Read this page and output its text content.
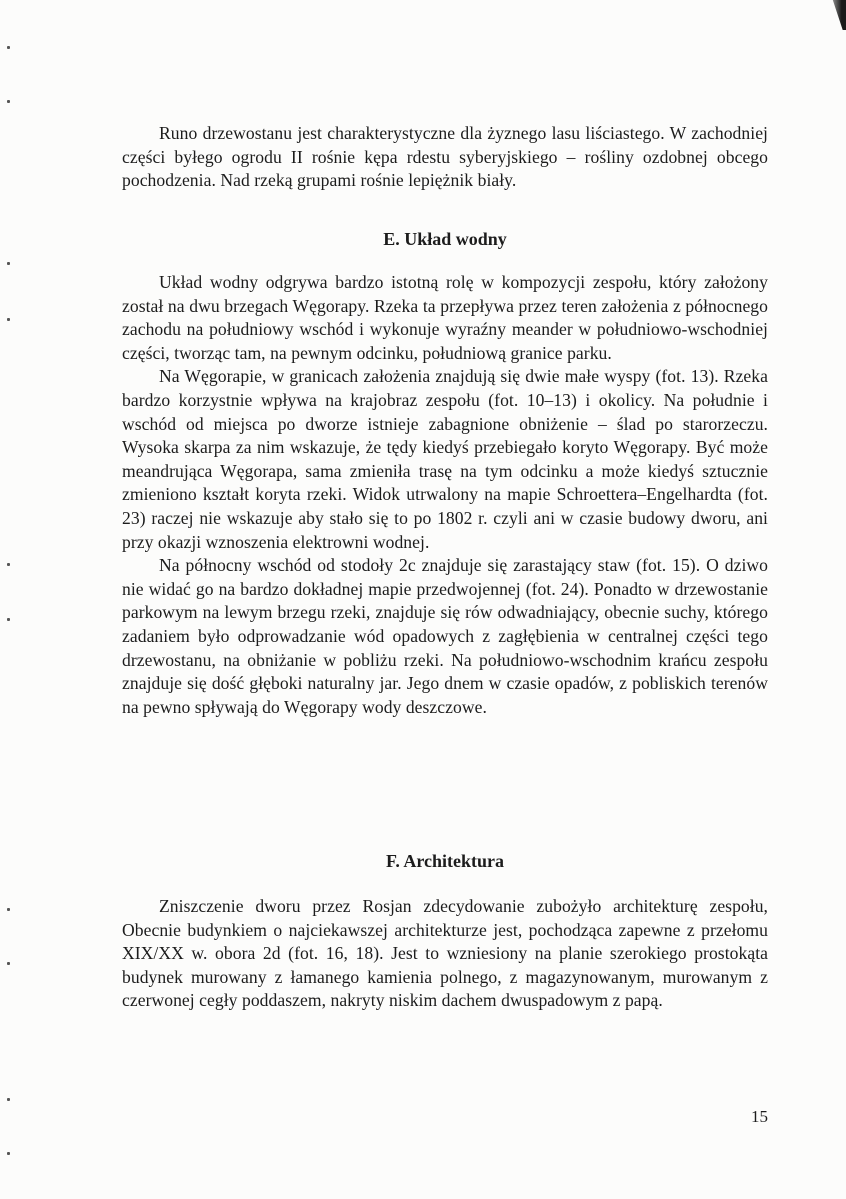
Runo drzewostanu jest charakterystyczne dla żyznego lasu liściastego. W zachodniej części byłego ogrodu II rośnie kępa rdestu syberyjskiego – rośliny ozdobnej obcego pochodzenia. Nad rzeką grupami rośnie lepiężnik biały.

E. Układ wodny

Układ wodny odgrywa bardzo istotną rolę w kompozycji zespołu, który założony został na dwu brzegach Węgorapy. Rzeka ta przepływa przez teren założenia z północnego zachodu na południowy wschód i wykonuje wyraźny meander w południowo-wschodniej części, tworząc tam, na pewnym odcinku, południową granice parku.

Na Węgorapie, w granicach założenia znajdują się dwie małe wyspy (fot. 13). Rzeka bardzo korzystnie wpływa na krajobraz zespołu (fot. 10–13) i okolicy. Na południe i wschód od miejsca po dworze istnieje zabagnione obniżenie – ślad po starorzeczu. Wysoka skarpa za nim wskazuje, że tędy kiedyś przebiegało koryto Węgorapy. Być może meandrująca Węgorapa, sama zmieniła trasę na tym odcinku a może kiedyś sztucznie zmieniono kształt koryta rzeki. Widok utrwalony na mapie Schroettera–Engelhardta (fot. 23) raczej nie wskazuje aby stało się to po 1802 r. czyli ani w czasie budowy dworu, ani przy okazji wznoszenia elektrowni wodnej.

Na północny wschód od stodoły 2c znajduje się zarastający staw (fot. 15). O dziwo nie widać go na bardzo dokładnej mapie przedwojennej (fot. 24). Ponadto w drzewostanie parkowym na lewym brzegu rzeki, znajduje się rów odwadniający, obecnie suchy, którego zadaniem było odprowadzanie wód opadowych z zagłębienia w centralnej części tego drzewostanu, na obniżanie w pobliżu rzeki. Na południowo-wschodnim krańcu zespołu znajduje się dość głęboki naturalny jar. Jego dnem w czasie opadów, z pobliskich terenów na pewno spływają do Węgorapy wody deszczowe.

F. Architektura

Zniszczenie dworu przez Rosjan zdecydowanie zubożyło architekturę zespołu, Obecnie budynkiem o najciekawszej architekturze jest, pochodząca zapewne z przełomu XIX/XX w. obora 2d (fot. 16, 18). Jest to wzniesiony na planie szerokiego prostokąta budynek murowany z łamanego kamienia polnego, z magazynowanym, murowanym z czerwonej cegły poddaszem, nakryty niskim dachem dwuspadowym z papą.

15
